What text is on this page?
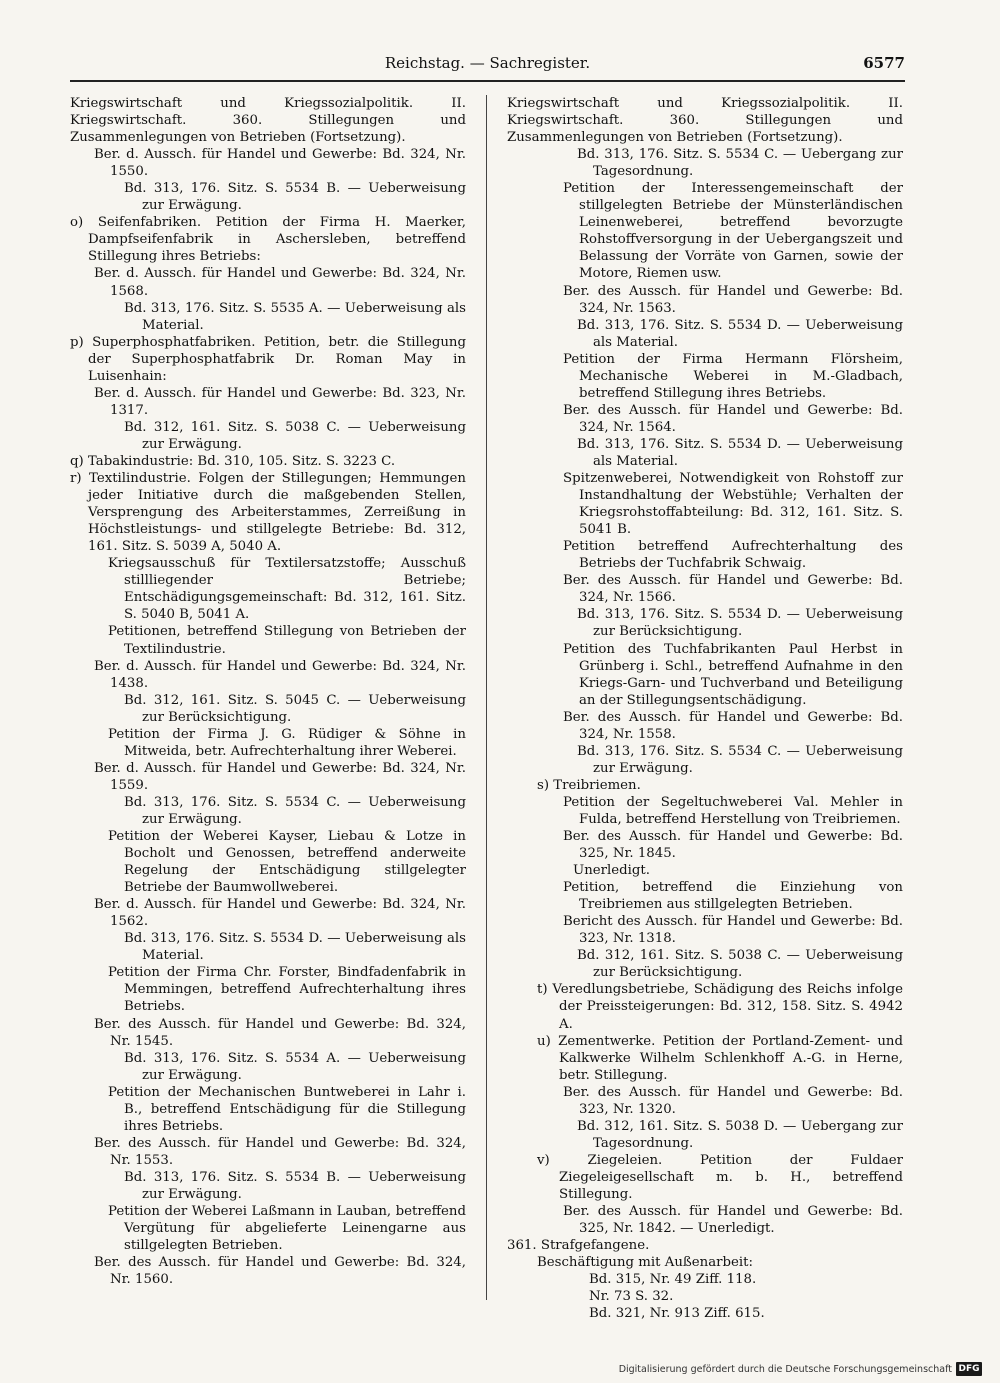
Reichstag. — Sachregister.	6577

Kriegswirtschaft und Kriegssozialpolitik. II. Kriegswirtschaft. 360. Stillegungen und Zusammenlegungen von Betrieben (Fortsetzung).

Ber. d. Aussch. für Handel und Gewerbe: Bd. 324, Nr. 1550.

Bd. 313, 176. Sitz. S. 5534 B. — Ueberweisung zur Erwägung.

o) Seifenfabriken. Petition der Firma H. Maerker, Dampfseifenfabrik in Aschersleben, betreffend Stillegung ihres Betriebs:

Ber. d. Aussch. für Handel und Gewerbe: Bd. 324, Nr. 1568.

Bd. 313, 176. Sitz. S. 5535 A. — Ueberweisung als Material.

p) Superphosphatfabriken. Petition, betr. die Stillegung der Superphosphatfabrik Dr. Roman May in Luisenhain:

Ber. d. Aussch. für Handel und Gewerbe: Bd. 323, Nr. 1317.

Bd. 312, 161. Sitz. S. 5038 C. — Ueberweisung zur Erwägung.

q) Tabakindustrie: Bd. 310, 105. Sitz. S. 3223 C.

r) Textilindustrie. Folgen der Stillegungen; Hemmungen jeder Initiative durch die maßgebenden Stellen, Versprengung des Arbeiterstammes, Zerreißung in Höchstleistungs- und stillgelegte Betriebe: Bd. 312, 161. Sitz. S. 5039 A, 5040 A.

Kriegsausschuß für Textilersatzstoffe; Ausschuß stillliegender Betriebe; Entschädigungsgemeinschaft: Bd. 312, 161. Sitz. S. 5040 B, 5041 A.

Petitionen, betreffend Stillegung von Betrieben der Textilindustrie.

Ber. d. Aussch. für Handel und Gewerbe: Bd. 324, Nr. 1438.

Bd. 312, 161. Sitz. S. 5045 C. — Ueberweisung zur Berücksichtigung.

Petition der Firma J. G. Rüdiger & Söhne in Mitweida, betr. Aufrechterhaltung ihrer Weberei.

Ber. d. Aussch. für Handel und Gewerbe: Bd. 324, Nr. 1559.

Bd. 313, 176. Sitz. S. 5534 C. — Ueberweisung zur Erwägung.

Petition der Weberei Kayser, Liebau & Lotze in Bocholt und Genossen, betreffend anderweite Regelung der Entschädigung stillgelegter Betriebe der Baumwollweberei.

Ber. d. Aussch. für Handel und Gewerbe: Bd. 324, Nr. 1562.

Bd. 313, 176. Sitz. S. 5534 D. — Ueberweisung als Material.

Petition der Firma Chr. Forster, Bindfadenfabrik in Memmingen, betreffend Aufrechterhaltung ihres Betriebs.

Ber. des Aussch. für Handel und Gewerbe: Bd. 324, Nr. 1545.

Bd. 313, 176. Sitz. S. 5534 A. — Ueberweisung zur Erwägung.

Petition der Mechanischen Buntweberei in Lahr i. B., betreffend Entschädigung für die Stillegung ihres Betriebs.

Ber. des Aussch. für Handel und Gewerbe: Bd. 324, Nr. 1553.

Bd. 313, 176. Sitz. S. 5534 B. — Ueberweisung zur Erwägung.

Petition der Weberei Laßmann in Lauban, betreffend Vergütung für abgelieferte Leinengarne aus stillgelegten Betrieben.

Ber. des Aussch. für Handel und Gewerbe: Bd. 324, Nr. 1560.

Kriegswirtschaft und Kriegssozialpolitik. II. Kriegswirtschaft. 360. Stillegungen und Zusammenlegungen von Betrieben (Fortsetzung).

Bd. 313, 176. Sitz. S. 5534 C. — Uebergang zur Tagesordnung.

Petition der Interessengemeinschaft der stillgelegten Betriebe der Münsterländischen Leinenweberei, betreffend bevorzugte Rohstoffversorgung in der Uebergangszeit und Belassung der Vorräte von Garnen, sowie der Motore, Riemen usw.

Ber. des Aussch. für Handel und Gewerbe: Bd. 324, Nr. 1563.

Bd. 313, 176. Sitz. S. 5534 D. — Ueberweisung als Material.

Petition der Firma Hermann Flörsheim, Mechanische Weberei in M.-Gladbach, betreffend Stillegung ihres Betriebs.

Ber. des Aussch. für Handel und Gewerbe: Bd. 324, Nr. 1564.

Bd. 313, 176. Sitz. S. 5534 D. — Ueberweisung als Material.

Spitzenweberei, Notwendigkeit von Rohstoff zur Instandhaltung der Webstühle; Verhalten der Kriegsrohstoffabteilung: Bd. 312, 161. Sitz. S. 5041 B.

Petition betreffend Aufrechterhaltung des Betriebs der Tuchfabrik Schwaig.

Ber. des Aussch. für Handel und Gewerbe: Bd. 324, Nr. 1566.

Bd. 313, 176. Sitz. S. 5534 D. — Ueberweisung zur Berücksichtigung.

Petition des Tuchfabrikanten Paul Herbst in Grünberg i. Schl., betreffend Aufnahme in den Kriegs-Garn- und Tuchverband und Beteiligung an der Stillegungsentschädigung.

Ber. des Aussch. für Handel und Gewerbe: Bd. 324, Nr. 1558.

Bd. 313, 176. Sitz. S. 5534 C. — Ueberweisung zur Erwägung.

s) Treibriemen.

Petition der Segeltuchweberei Val. Mehler in Fulda, betreffend Herstellung von Treibriemen.

Ber. des Aussch. für Handel und Gewerbe: Bd. 325, Nr. 1845.

Unerledigt.

Petition, betreffend die Einziehung von Treibriemen aus stillgelegten Betrieben.

Bericht des Aussch. für Handel und Gewerbe: Bd. 323, Nr. 1318.

Bd. 312, 161. Sitz. S. 5038 C. — Ueberweisung zur Berücksichtigung.

t) Veredlungsbetriebe, Schädigung des Reichs infolge der Preissteigerungen: Bd. 312, 158. Sitz. S. 4942 A.

u) Zementwerke. Petition der Portland-Zement- und Kalkwerke Wilhelm Schlenkhoff A.-G. in Herne, betr. Stillegung.

Ber. des Aussch. für Handel und Gewerbe: Bd. 323, Nr. 1320.

Bd. 312, 161. Sitz. S. 5038 D. — Uebergang zur Tagesordnung.

v) Ziegeleien. Petition der Fuldaer Ziegeleigesellschaft m. b. H., betreffend Stillegung.

Ber. des Aussch. für Handel und Gewerbe: Bd. 325, Nr. 1842. — Unerledigt.

361. Strafgefangene.

Beschäftigung mit Außenarbeit:

Bd. 315, Nr. 49 Ziff. 118.

Nr. 73 S. 32.

Bd. 321, Nr. 913 Ziff. 615.

Digitalisierung gefördert durch die Deutsche Forschungsgemeinschaft DFG
